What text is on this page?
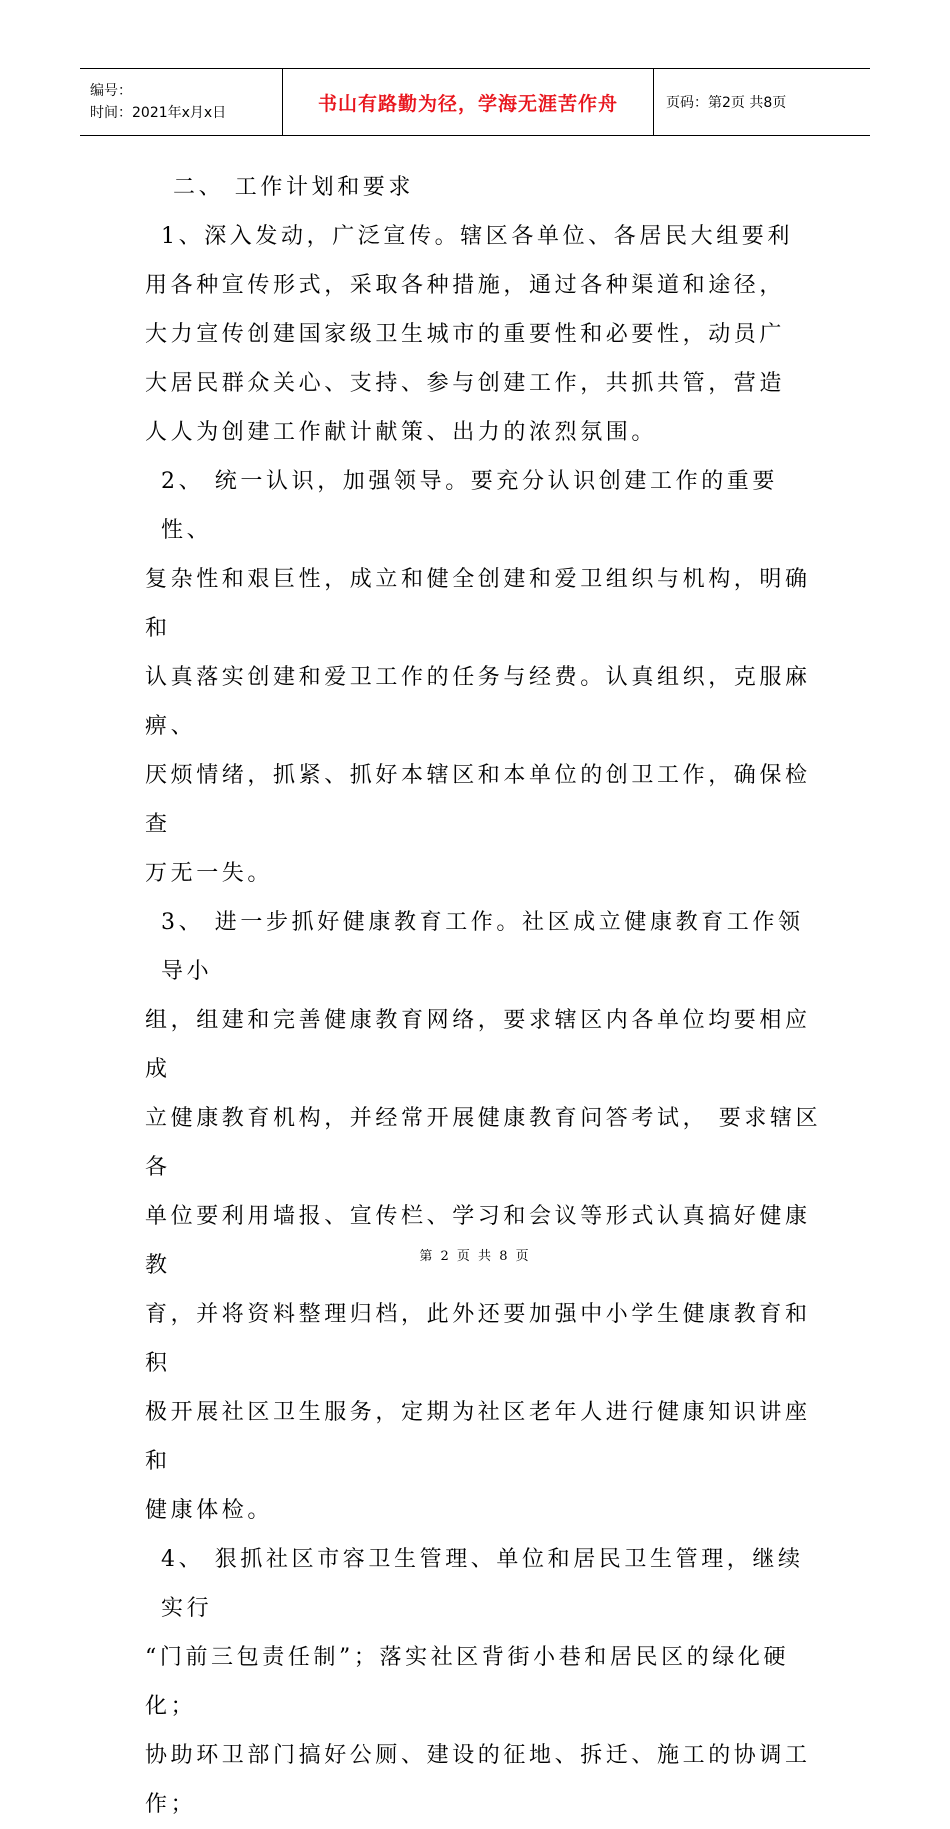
编号：
时间：2021年x月x日	书山有路勤为径，学海无涯苦作舟	页码：第2页 共8页

二、 工作计划和要求

1、深入发动，广泛宣传。辖区各单位、各居民大组要利
用各种宣传形式，采取各种措施，通过各种渠道和途径，
大力宣传创建国家级卫生城市的重要性和必要性，动员广
大居民群众关心、支持、参与创建工作，共抓共管，营造
人人为创建工作献计献策、出力的浓烈氛围。
2、 统一认识，加强领导。要充分认识创建工作的重要性、
复杂性和艰巨性，成立和健全创建和爱卫组织与机构，明确和
认真落实创建和爱卫工作的任务与经费。认真组织，克服麻痹、
厌烦情绪，抓紧、抓好本辖区和本单位的创卫工作，确保检查
万无一失。
3、 进一步抓好健康教育工作。社区成立健康教育工作领导小
组，组建和完善健康教育网络，要求辖区内各单位均要相应成
立健康教育机构，并经常开展健康教育问答考试， 要求辖区各
单位要利用墙报、宣传栏、学习和会议等形式认真搞好健康教
育，并将资料整理归档，此外还要加强中小学生健康教育和积
极开展社区卫生服务，定期为社区老年人进行健康知识讲座和
健康体检。
4、 狠抓社区市容卫生管理、单位和居民卫生管理，继续实行
“门前三包责任制”；落实社区背街小巷和居民区的绿化硬化；
协助环卫部门搞好公厕、建设的征地、拆迁、施工的协调工作；
第 2 页 共 8 页
